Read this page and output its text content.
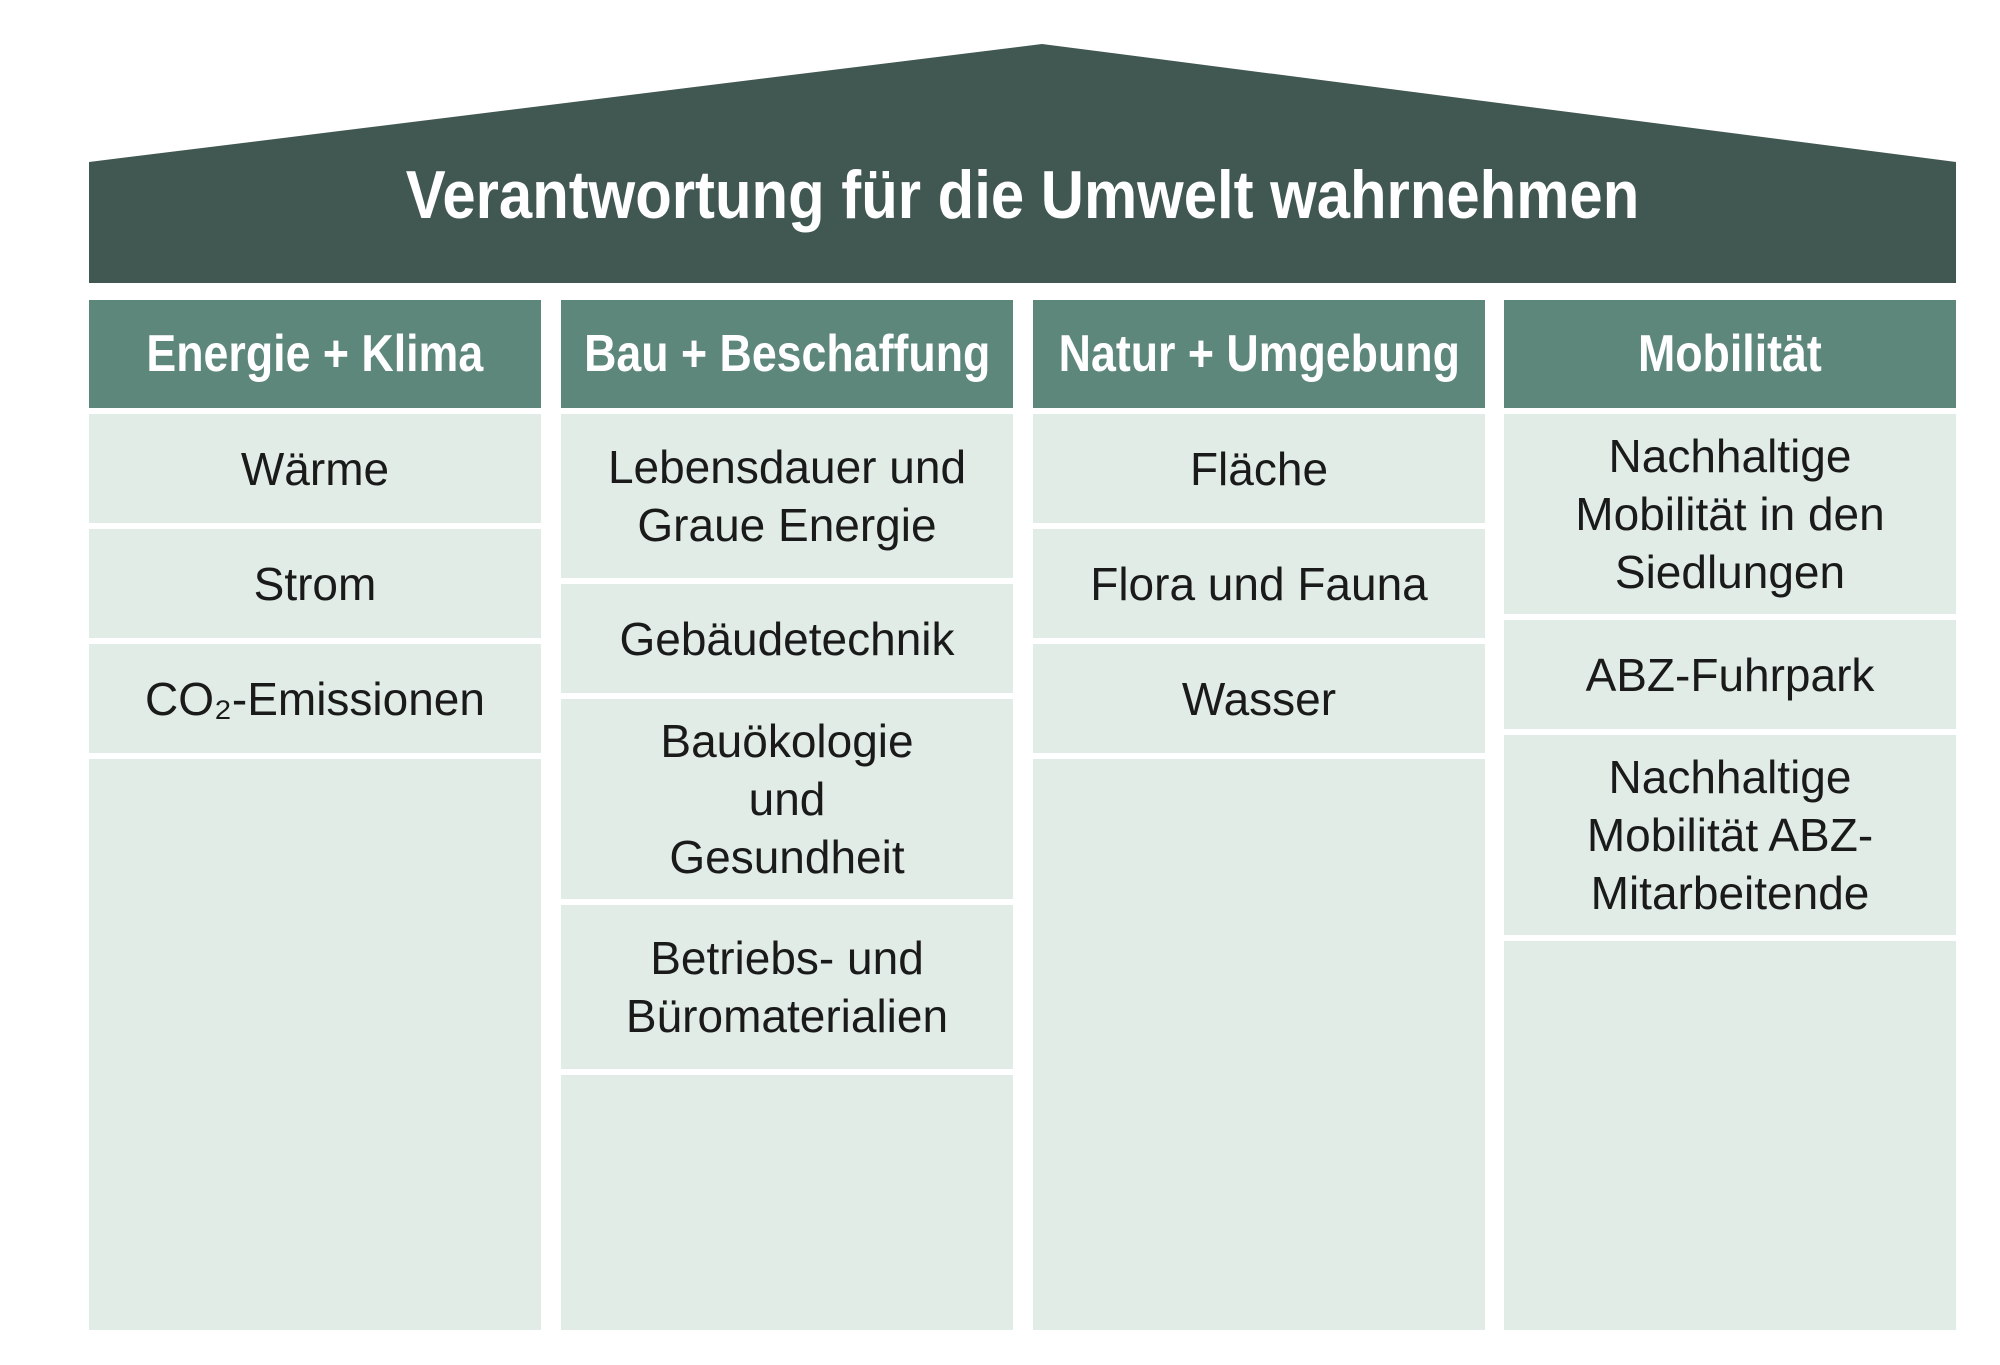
Verantwortung für die Umwelt wahrnehmen
Energie + Klima
Wärme
Strom
CO₂-Emissionen
Bau + Beschaffung
Lebensdauer und
Graue Energie
Gebäudetechnik
Bauökologie
und
Gesundheit
Betriebs- und
Büromaterialien
Natur + Umgebung
Fläche
Flora und Fauna
Wasser
Mobilität
Nachhaltige
Mobilität in den
Siedlungen
ABZ-Fuhrpark
Nachhaltige
Mobilität ABZ-
Mitarbeitende
